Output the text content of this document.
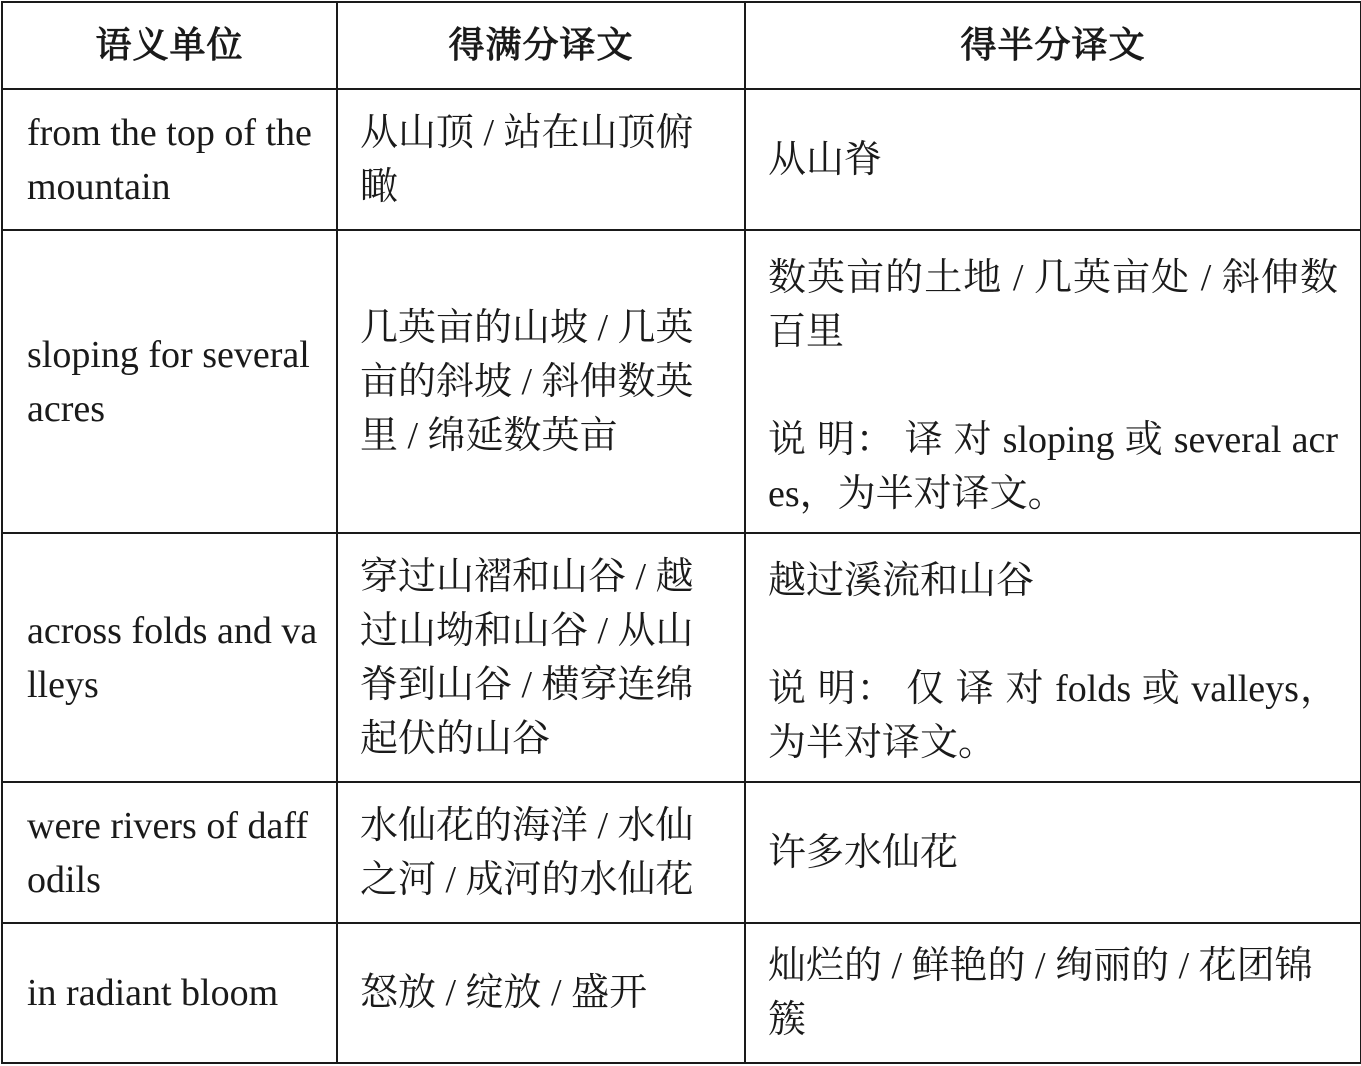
语义单位	得满分译文	得半分译文
from the top of the mountain	从山顶 / 站在山顶俯瞰	从山脊
sloping for several acres	几英亩的山坡 / 几英亩的斜坡 / 斜伸数英里 / 绵延数英亩	数英亩的土地 / 几英亩处 / 斜伸数百里
说 明： 译 对 sloping 或 several acres，为半对译文。

across folds and valleys	穿过山褶和山谷 / 越过山坳和山谷 / 从山脊到山谷 / 横穿连绵起伏的山谷	越过溪流和山谷
说 明： 仅 译 对 folds 或 valleys，为半对译文。

were rivers of daffodils	水仙花的海洋 / 水仙之河 / 成河的水仙花	许多水仙花
in radiant bloom	怒放 / 绽放 / 盛开	灿烂的 / 鲜艳的 / 绚丽的 / 花团锦簇
